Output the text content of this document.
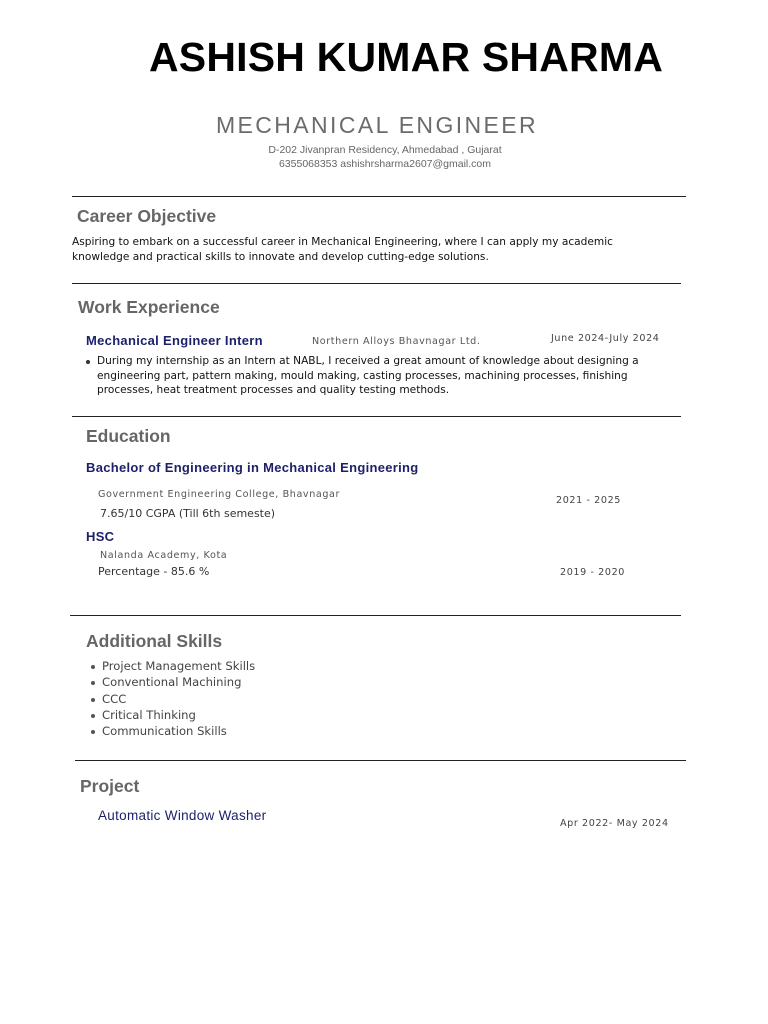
ASHISH KUMAR SHARMA
MECHANICAL ENGINEER
D-202 Jivanpran Residency, Ahmedabad , Gujarat
6355068353 ashishrsharma2607@gmail.com
Career Objective
Aspiring to embark on a successful career in Mechanical Engineering, where I can apply my academic knowledge and practical skills to innovate and develop cutting-edge solutions.
Work Experience
Mechanical Engineer Intern	Northern Alloys Bhavnagar Ltd.	June 2024-July 2024
During my internship as an Intern at NABL, I received a great amount of knowledge about designing a engineering part, pattern making, mould making, casting processes, machining processes, finishing processes, heat treatment processes and quality testing methods.
Education
Bachelor of Engineering in Mechanical Engineering
Government Engineering College, Bhavnagar
2021 - 2025
7.65/10 CGPA (Till 6th semeste)
HSC
Nalanda Academy, Kota
Percentage - 85.6 %	2019 - 2020
Additional Skills
Project Management Skills
Conventional Machining
CCC
Critical Thinking
Communication Skills
Project
Automatic Window Washer
Apr 2022- May 2024
